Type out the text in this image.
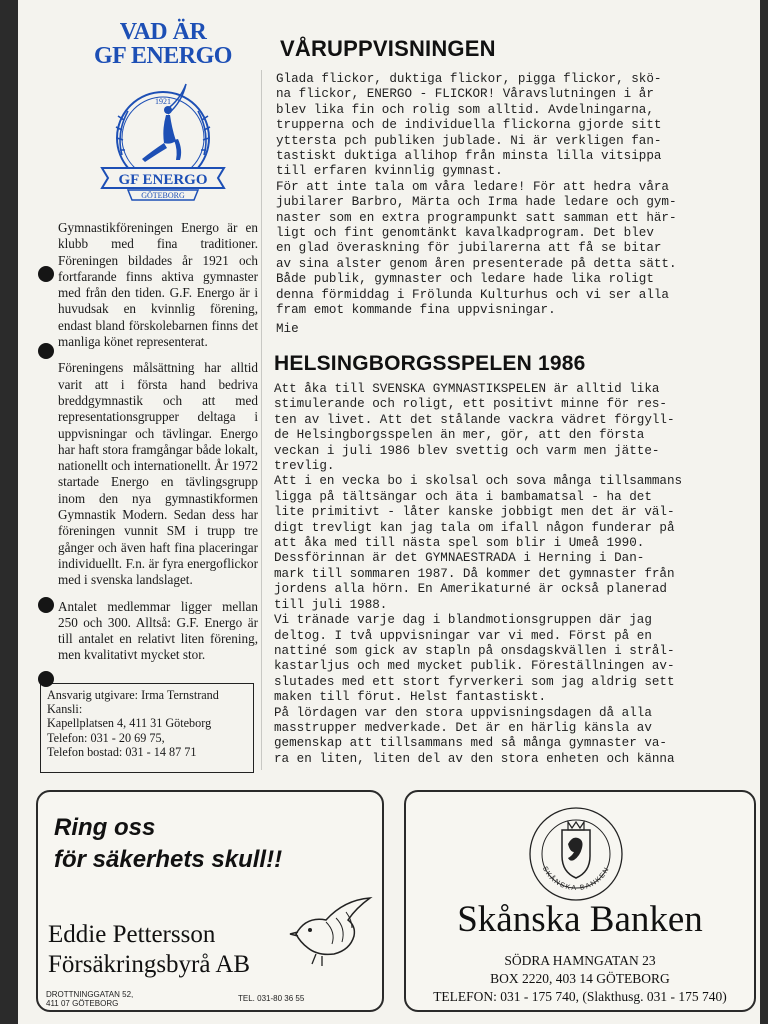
VAD ÄR
GF ENERGO
1921
GF ENERGO
GÖTEBORG

Gymnastikföreningen Energo är en klubb med fina traditioner. Föreningen bildades år 1921 och fortfarande finns aktiva gymnaster med från den tiden. G.F. Energo är i huvudsak en kvinnlig förening, endast bland förskolebarnen finns det manliga könet representerat.

Föreningens målsättning har alltid varit att i första hand bedriva breddgymnastik och att med representationsgrupper deltaga i uppvisningar och tävlingar. Energo har haft stora framgångar både lokalt, nationellt och internationellt. År 1972 startade Energo en tävlingsgrupp inom den nya gymnastikformen Gymnastik Modern. Sedan dess har föreningen vunnit SM i trupp tre gånger och även haft fina placeringar individuellt. F.n. är fyra energoflickor med i svenska landslaget.

Antalet medlemmar ligger mellan 250 och 300. Alltså: G.F. Energo är till antalet en relativt liten förening, men kvalitativt mycket stor.

Ansvarig utgivare: Irma Ternstrand
Kansli:
Kapellplatsen 4, 411 31 Göteborg
Telefon: 031 - 20 69 75,
Telefon bostad: 031 - 14 87 71
VÅRUPPVISNINGEN
Glada flickor, duktiga flickor, pigga flickor, skö-
na flickor, ENERGO - FLICKOR! Våravslutningen i år
blev lika fin och rolig som alltid. Avdelningarna,
trupperna och de individuella flickorna gjorde sitt
yttersta pch publiken jublade. Ni är verkligen fan-
tastiskt duktiga allihop från minsta lilla vitsippa
till erfaren kvinnlig gymnast.
För att inte tala om våra ledare! För att hedra våra
jubilarer Barbro, Märta och Irma hade ledare och gym-
naster som en extra programpunkt satt samman ett här-
ligt och fint genomtänkt kavalkadprogram. Det blev
en glad överaskning för jubilarerna att få se bitar
av sina alster genom åren presenterade på detta sätt.
Både publik, gymnaster och ledare hade lika roligt
denna förmiddag i Frölunda Kulturhus och vi ser alla
fram emot kommande fina uppvisningar.
Mie
HELSINGBORGSSPELEN 1986
Att åka till SVENSKA GYMNASTIKSPELEN är alltid lika
stimulerande och roligt, ett positivt minne för res-
ten av livet. Att det stålande vackra vädret förgyll-
de Helsingborgsspelen än mer, gör, att den första
veckan i juli 1986 blev svettig och varm men jätte-
trevlig.
Att i en vecka bo i skolsal och sova många tillsammans
ligga på tältsängar och äta i bambamatsal - ha det
lite primitivt - låter kanske jobbigt men det är väl-
digt trevligt kan jag tala om ifall någon funderar på
att åka med till nästa spel som blir i Umeå 1990.
Dessförinnan är det GYMNAESTRADA i Herning i Dan-
mark till sommaren 1987. Då kommer det gymnaster från
jordens alla hörn. En Amerikaturné är också planerad
till juli 1988.
Vi tränade varje dag i blandmotionsgruppen där jag
deltog. I två uppvisningar var vi med. Först på en
nattiné som gick av stapln på onsdagskvällen i strål-
kastarljus och med mycket publik. Föreställningen av-
slutades med ett stort fyrverkeri som jag aldrig sett
maken till förut. Helst fantastiskt.
På lördagen var den stora uppvisningsdagen då alla
masstrupper medverkade. Det är en härlig känsla av
gemenskap att tillsammans med så många gymnaster va-
ra en liten, liten del av den stora enheten och känna
Ring oss
för säkerhets skull!!
Eddie Pettersson
Försäkringsbyrå AB
DROTTNINGGATAN 52,
411 07 GÖTEBORG
TEL. 031-80 36 55
SKÅNSKA BANKEN
Skånska Banken
SÖDRA HAMNGATAN 23
BOX 2220, 403 14 GÖTEBORG
TELEFON: 031 - 175 740, (Slakthusg. 031 - 175 740)
